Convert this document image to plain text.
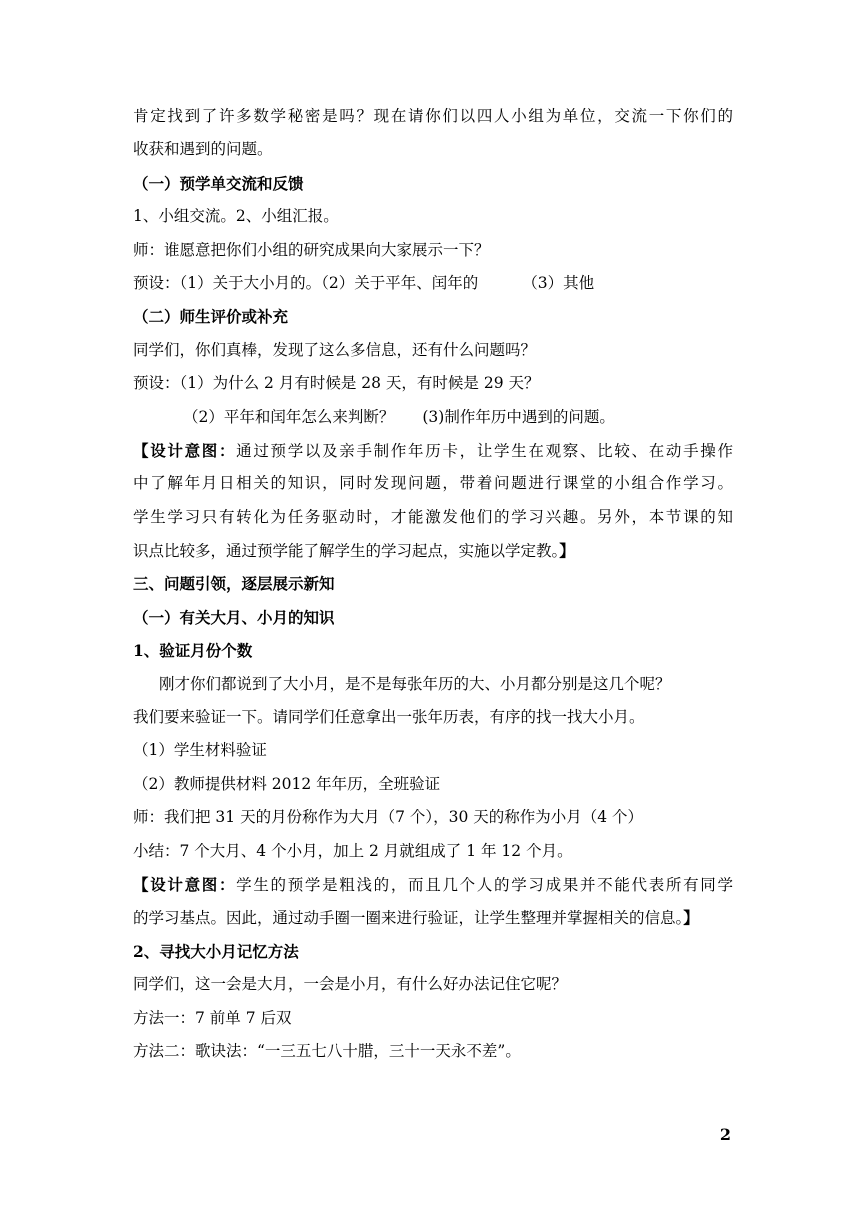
肯定找到了许多数学秘密是吗？现在请你们以四人小组为单位，交流一下你们的

收获和遇到的问题。

（一）预学单交流和反馈

1、小组交流。2、小组汇报。

师：谁愿意把你们小组的研究成果向大家展示一下？

预设：（1）关于大小月的。（2）关于平年、闰年的	（3）其他

（二）师生评价或补充

同学们，你们真棒，发现了这么多信息，还有什么问题吗？

预设：（1）为什么 2 月有时候是 28 天，有时候是 29 天？

（2）平年和闰年怎么来判断？ (3)制作年历中遇到的问题。

【设计意图：通过预学以及亲手制作年历卡，让学生在观察、比较、在动手操作

中了解年月日相关的知识，同时发现问题，带着问题进行课堂的小组合作学习。

学生学习只有转化为任务驱动时，才能激发他们的学习兴趣。另外，本节课的知

识点比较多，通过预学能了解学生的学习起点，实施以学定教。】

三、问题引领，逐层展示新知

（一）有关大月、小月的知识

1、验证月份个数

刚才你们都说到了大小月，是不是每张年历的大、小月都分别是这几个呢？

我们要来验证一下。请同学们任意拿出一张年历表，有序的找一找大小月。

（1）学生材料验证

（2）教师提供材料 2012 年年历，全班验证

师：我们把 31 天的月份称作为大月（7 个），30 天的称作为小月（4 个）

小结：7 个大月、4 个小月，加上 2 月就组成了 1 年 12 个月。

【设计意图：学生的预学是粗浅的，而且几个人的学习成果并不能代表所有同学

的学习基点。因此，通过动手圈一圈来进行验证，让学生整理并掌握相关的信息。】

2、寻找大小月记忆方法

同学们，这一会是大月，一会是小月，有什么好办法记住它呢？

方法一：7 前单 7 后双

方法二：歌诀法：“一三五七八十腊，三十一天永不差”。

2
